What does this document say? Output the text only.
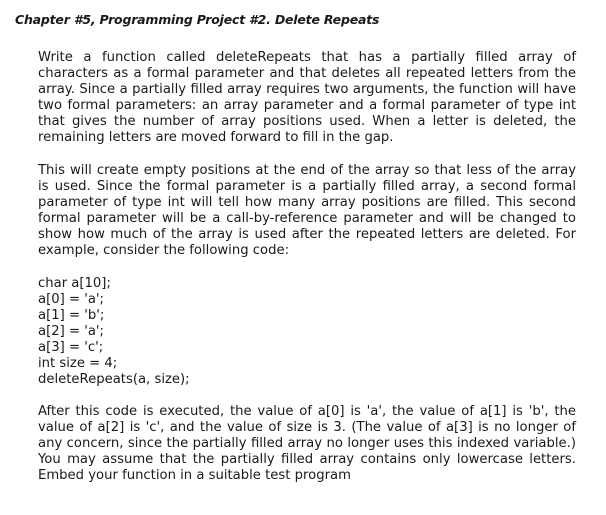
Chapter #5, Programming Project #2. Delete Repeats

Write a function called deleteRepeats that has a partially filled array of characters as a formal parameter and that deletes all repeated letters from the array. Since a partially filled array requires two arguments, the function will have two formal parameters: an array parameter and a formal parameter of type int that gives the number of array positions used. When a letter is deleted, the remaining letters are moved forward to fill in the gap.

This will create empty positions at the end of the array so that less of the array is used. Since the formal parameter is a partially filled array, a second formal parameter of type int will tell how many array positions are filled. This second formal parameter will be a call-by-reference parameter and will be changed to show how much of the array is used after the repeated letters are deleted. For example, consider the following code:

char a[10];
a[0] = 'a';
a[1] = 'b';
a[2] = 'a';
a[3] = 'c';
int size = 4;
deleteRepeats(a, size);

After this code is executed, the value of a[0] is 'a', the value of a[1] is 'b', the value of a[2] is 'c', and the value of size is 3. (The value of a[3] is no longer of any concern, since the partially filled array no longer uses this indexed variable.) You may assume that the partially filled array contains only lowercase letters. Embed your function in a suitable test program
